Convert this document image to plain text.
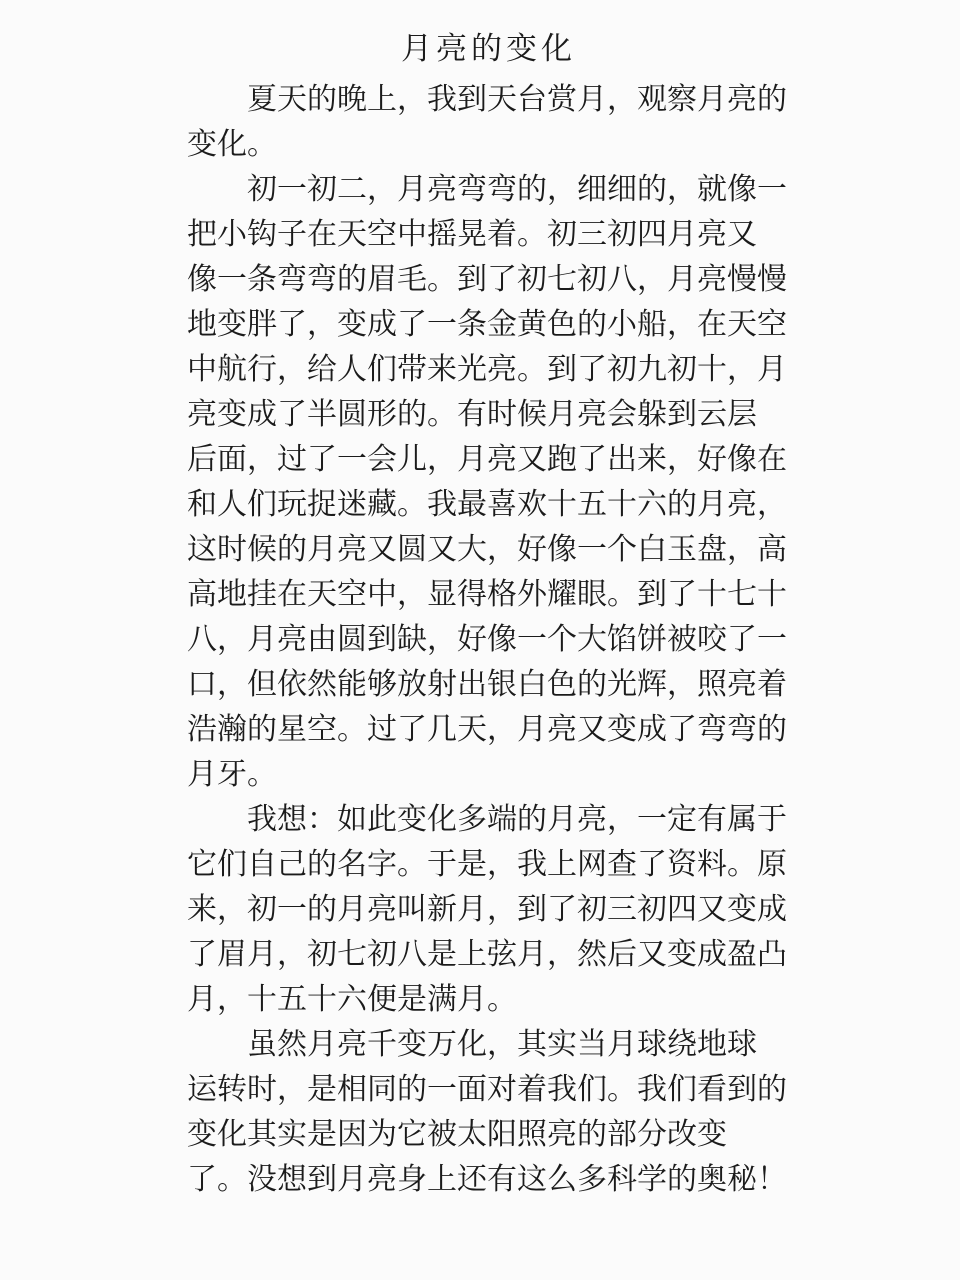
月亮的变化
夏天的晚上，我到天台赏月，观察月亮的
变化。
初一初二，月亮弯弯的，细细的，就像一
把小钩子在天空中摇晃着。初三初四月亮又
像一条弯弯的眉毛。到了初七初八，月亮慢慢
地变胖了，变成了一条金黄色的小船，在天空
中航行，给人们带来光亮。到了初九初十，月
亮变成了半圆形的。有时候月亮会躲到云层
后面，过了一会儿，月亮又跑了出来，好像在
和人们玩捉迷藏。我最喜欢十五十六的月亮，
这时候的月亮又圆又大，好像一个白玉盘，高
高地挂在天空中，显得格外耀眼。到了十七十
八，月亮由圆到缺，好像一个大馅饼被咬了一
口，但依然能够放射出银白色的光辉，照亮着
浩瀚的星空。过了几天，月亮又变成了弯弯的
月牙。
我想：如此变化多端的月亮，一定有属于
它们自己的名字。于是，我上网查了资料。原
来，初一的月亮叫新月，到了初三初四又变成
了眉月，初七初八是上弦月，然后又变成盈凸
月，十五十六便是满月。
虽然月亮千变万化，其实当月球绕地球
运转时，是相同的一面对着我们。我们看到的
变化其实是因为它被太阳照亮的部分改变
了。没想到月亮身上还有这么多科学的奥秘！
